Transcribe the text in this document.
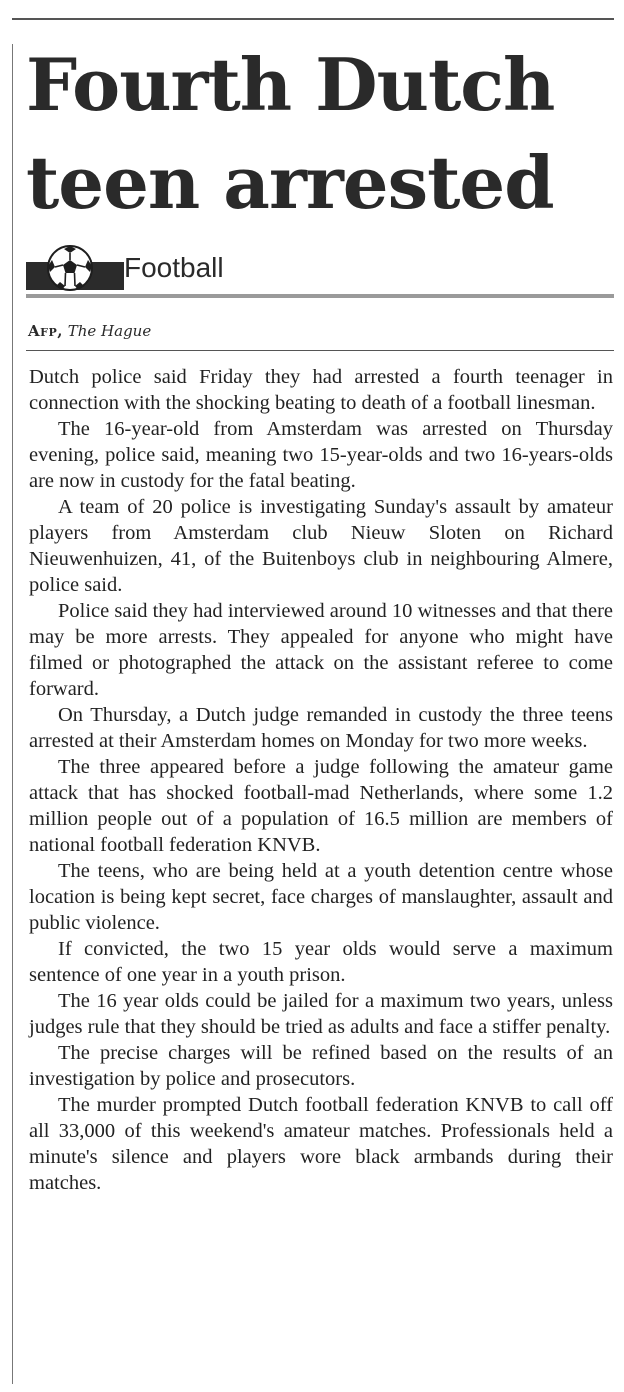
Fourth Dutch teen arrested
Football
Afp, The Hague

Dutch police said Friday they had arrested a fourth teenager in connection with the shocking beating to death of a football linesman.

The 16-year-old from Amsterdam was arrested on Thursday evening, police said, meaning two 15-year-olds and two 16-years-olds are now in custody for the fatal beating.

A team of 20 police is investigating Sunday's assault by amateur players from Amsterdam club Nieuw Sloten on Richard Nieuwenhuizen, 41, of the Buitenboys club in neighbouring Almere, police said.

Police said they had interviewed around 10 witnesses and that there may be more arrests. They appealed for anyone who might have filmed or photographed the attack on the assistant referee to come forward.

On Thursday, a Dutch judge remanded in custody the three teens arrested at their Amsterdam homes on Monday for two more weeks.

The three appeared before a judge following the amateur game attack that has shocked football-mad Netherlands, where some 1.2 million people out of a population of 16.5 million are members of national football federation KNVB.

The teens, who are being held at a youth detention centre whose location is being kept secret, face charges of manslaughter, assault and public violence.

If convicted, the two 15 year olds would serve a maximum sentence of one year in a youth prison.

The 16 year olds could be jailed for a maximum two years, unless judges rule that they should be tried as adults and face a stiffer penalty.

The precise charges will be refined based on the results of an investigation by police and prosecutors.

The murder prompted Dutch football federation KNVB to call off all 33,000 of this weekend's amateur matches. Professionals held a minute's silence and players wore black armbands during their matches.
